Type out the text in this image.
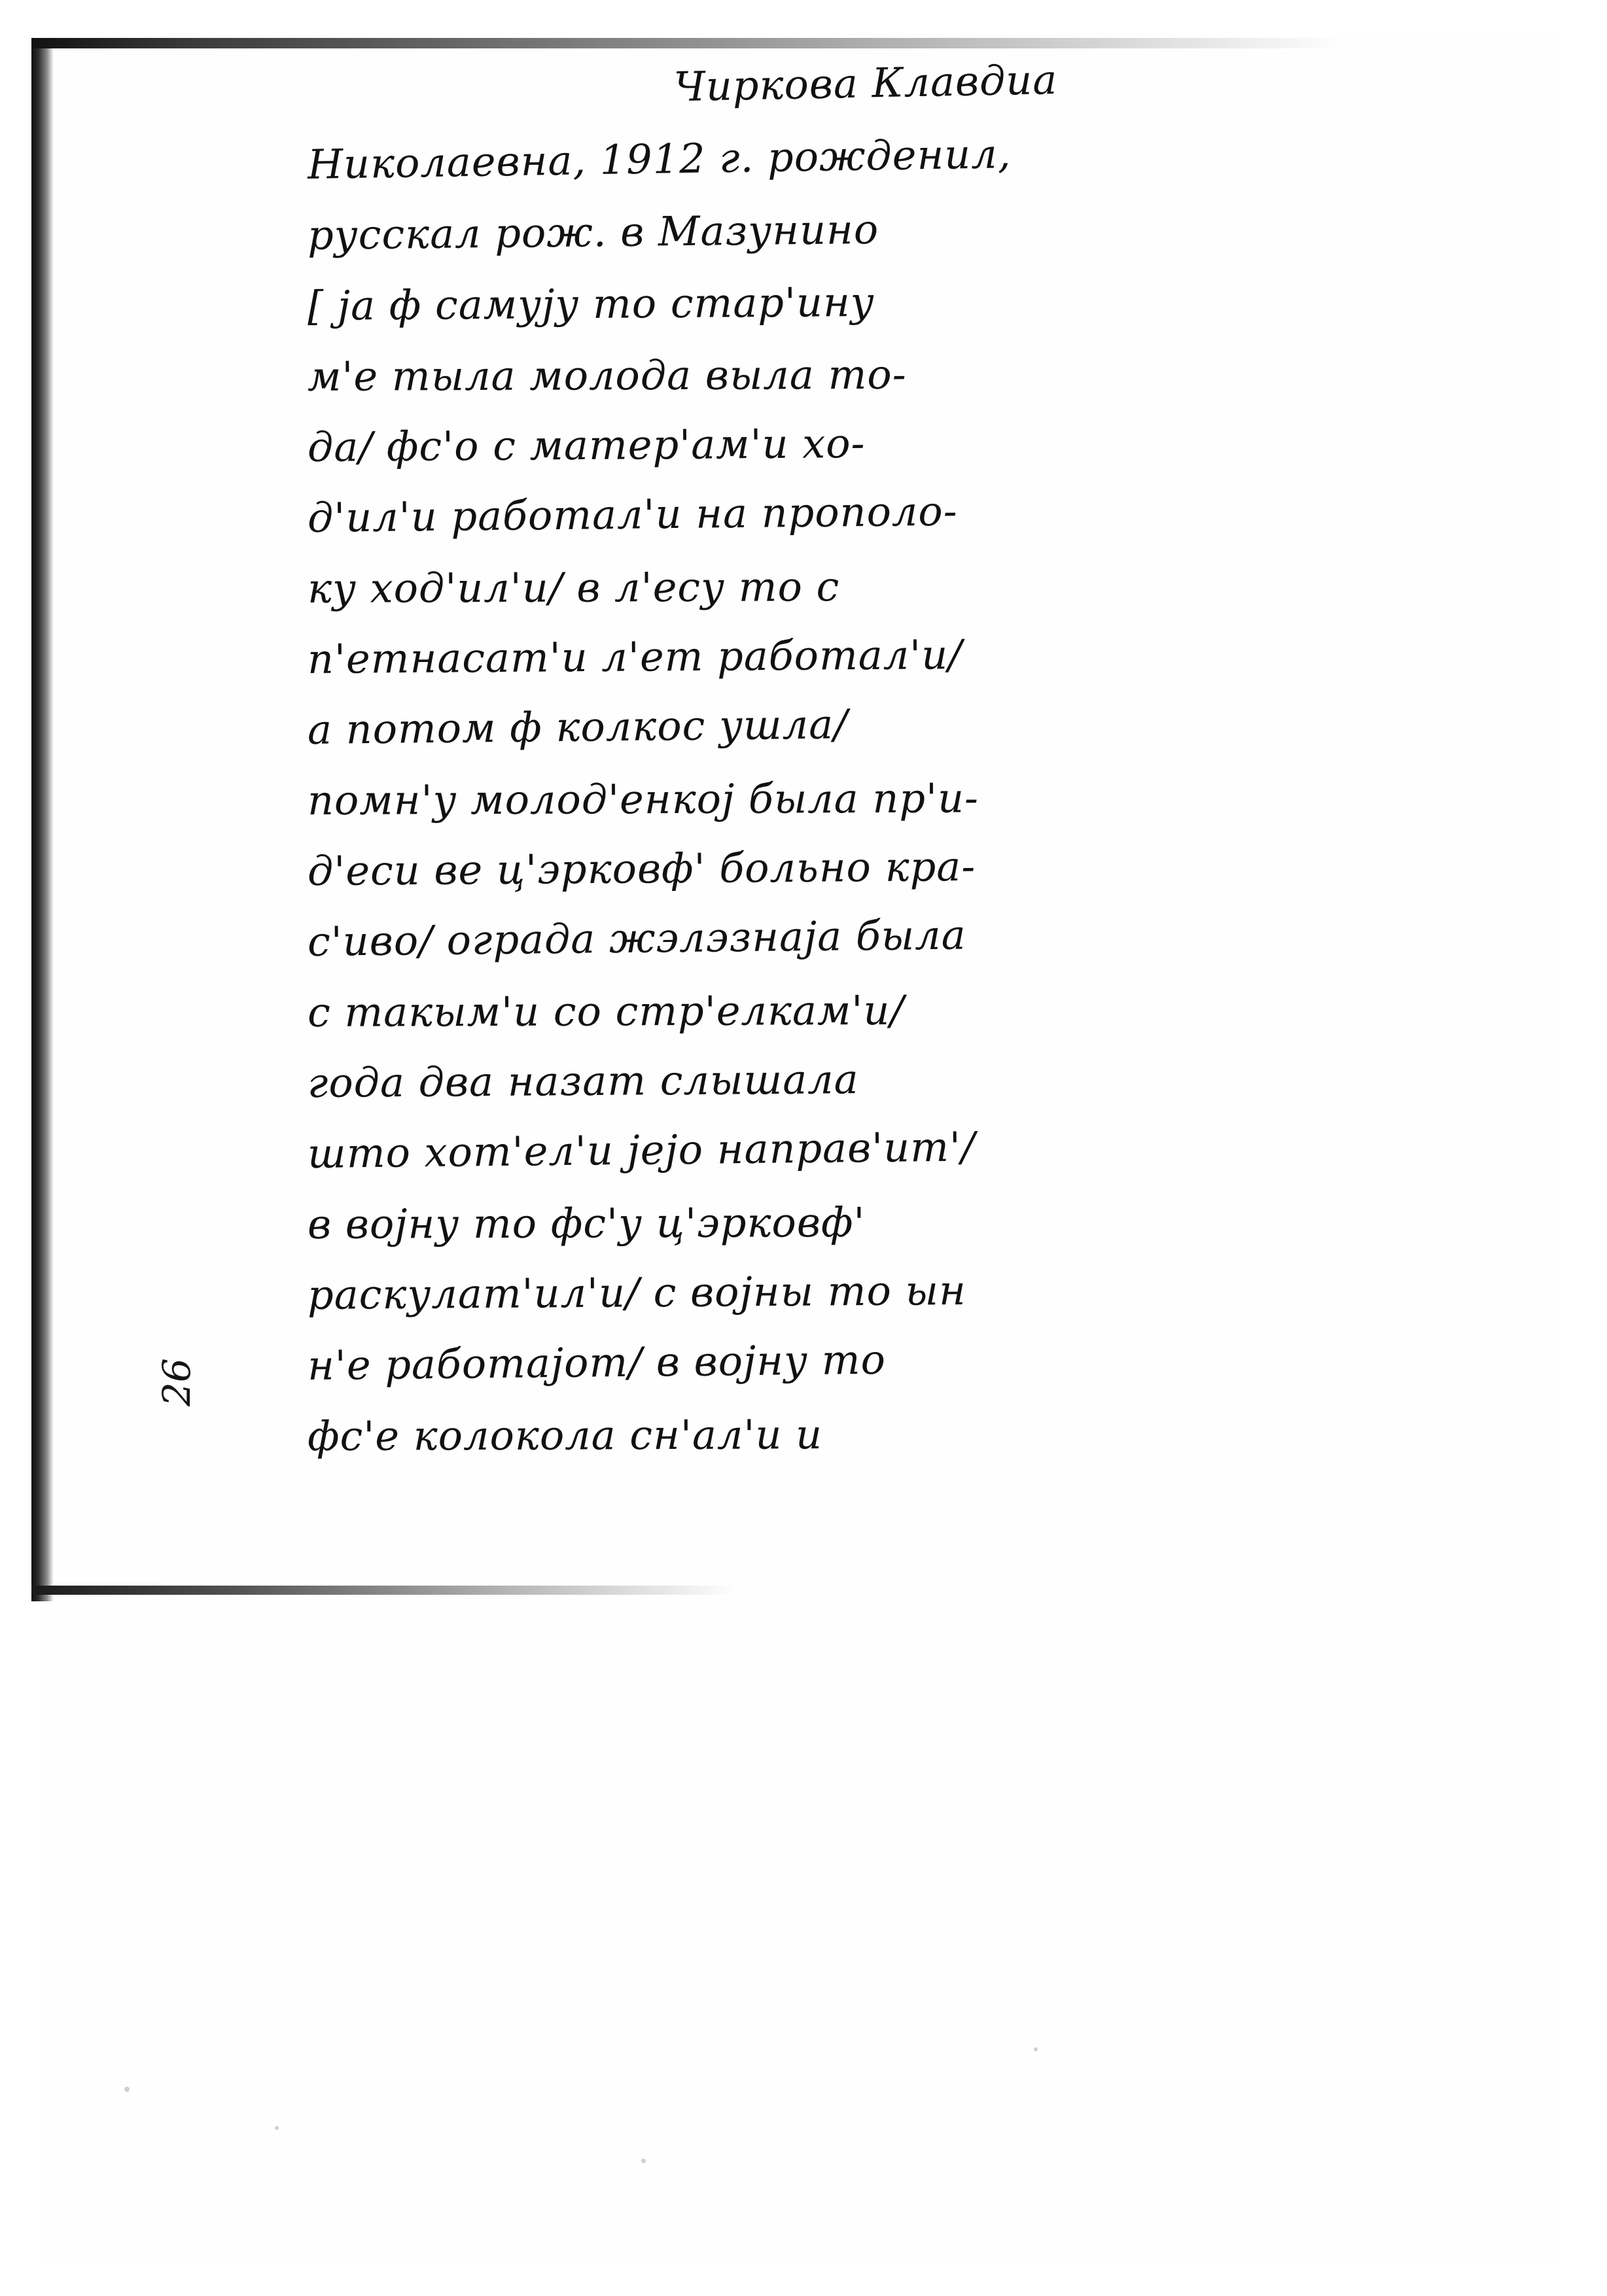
Чиркова Клавдиа
Николаевна, 1912 г. рожденил,
русскал рож. в Мазунино
[ ја ф самују то стар'ину
м'е тыла молода выла то-
да/ фс'о с матер'ам'и хо-
д'ил'и работал'и на прополо-
ку ход'ил'и/ в л'есу то с
п'етнасат'и л'ет работал'и/
а потом ф колкос ушла/
помн'у молод'енкој была пр'и-
д'еси ве ц'эрковф' больно кра-
с'иво/ ограда жэлэзнаја была
с такым'и со стр'елкам'и/
года два назат слышала
што хот'ел'и јејо направ'ит'/
в војну то фс'у ц'эрковф'
раскулат'ил'и/ с војны то ын
н'е работајот/ в војну то
фс'е колокола сн'ал'и и
26
